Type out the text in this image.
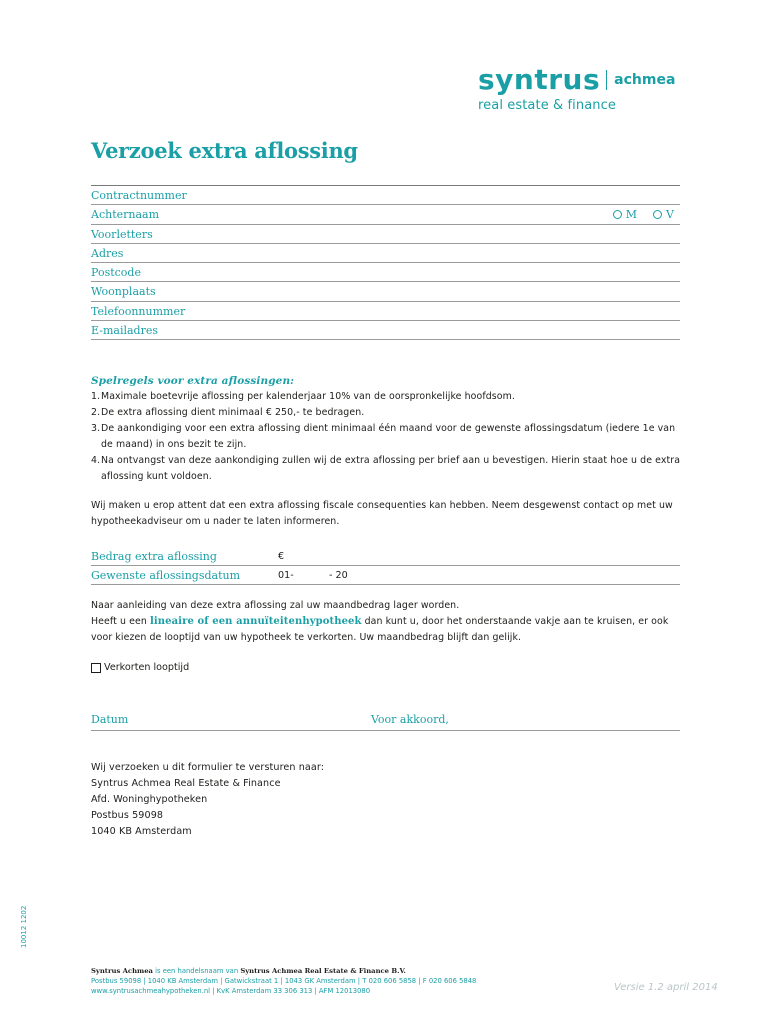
syntrus achmea
real estate & finance
Verzoek extra aflossing
Contractnummer
Achternaam	M	V
Voorletters
Adres
Postcode
Woonplaats
Telefoonnummer
E-mailadres
Spelregels voor extra aflossingen:
1. Maximale boetevrije aflossing per kalenderjaar 10% van de oorspronkelijke hoofdsom.
2. De extra aflossing dient minimaal € 250,- te bedragen.
3. De aankondiging voor een extra aflossing dient minimaal één maand voor de gewenste aflossingsdatum (iedere 1e van de maand) in ons bezit te zijn.
4. Na ontvangst van deze aankondiging zullen wij de extra aflossing per brief aan u bevestigen. Hierin staat hoe u de extra aflossing kunt voldoen.
Wij maken u erop attent dat een extra aflossing fiscale consequenties kan hebben. Neem desgewenst contact op met uw hypotheekadviseur om u nader te laten informeren.
Bedrag extra aflossing	€
Gewenste aflossingsdatum	01-	- 20
Naar aanleiding van deze extra aflossing zal uw maandbedrag lager worden.
Heeft u een lineaire of een annuïteitenhypotheek dan kunt u, door het onderstaande vakje aan te kruisen, er ook voor kiezen de looptijd van uw hypotheek te verkorten. Uw maandbedrag blijft dan gelijk.
Verkorten looptijd
Datum	Voor akkoord,
Wij verzoeken u dit formulier te versturen naar:
Syntrus Achmea Real Estate & Finance
Afd. Woninghypotheken
Postbus 59098
1040 KB Amsterdam
10012 1202
Syntrus Achmea is een handelsnaam van Syntrus Achmea Real Estate & Finance B.V.
Postbus 59098 | 1040 KB Amsterdam | Gatwickstraat 1 | 1043 GK Amsterdam | T 020 606 5858 | F 020 606 5848
www.syntrusachmeahypotheken.nl | KvK Amsterdam 33 306 313 | AFM 12013080	Versie 1.2 april 2014
